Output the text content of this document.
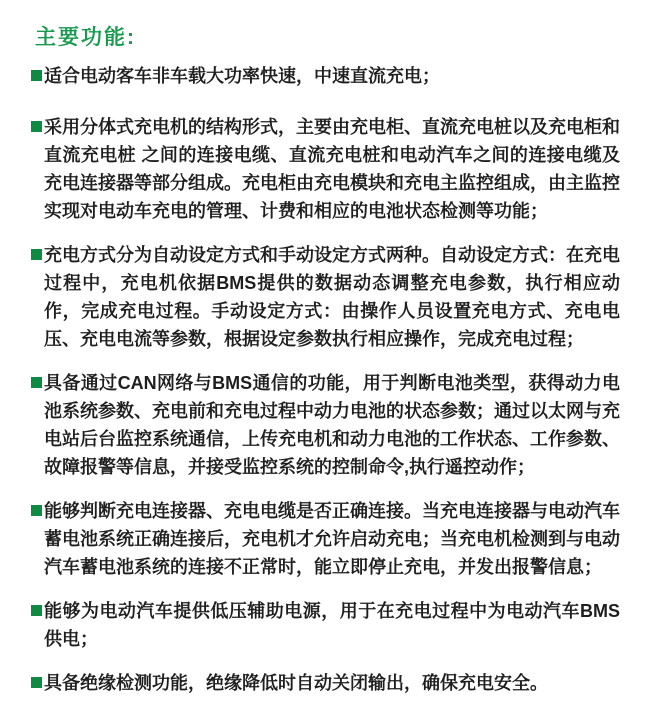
主要功能:
适合电动客车非车载大功率快速，中速直流充电；
采用分体式充电机的结构形式，主要由充电柜、直流充电桩以及充电柜和直流充电桩 之间的连接电缆、直流充电桩和电动汽车之间的连接电缆及充电连接器等部分组成。充电柜由充电模块和充电主监控组成，由主监控实现对电动车充电的管理、计费和相应的电池状态检测等功能；
充电方式分为自动设定方式和手动设定方式两种。自动设定方式：在充电过程中，充电机依据BMS提供的数据动态调整充电参数，执行相应动作，完成充电过程。手动设定方式：由操作人员设置充电方式、充电电压、充电电流等参数，根据设定参数执行相应操作，完成充电过程；
具备通过CAN网络与BMS通信的功能，用于判断电池类型，获得动力电池系统参数、充电前和充电过程中动力电池的状态参数；通过以太网与充电站后台监控系统通信，上传充电机和动力电池的工作状态、工作参数、故障报警等信息，并接受监控系统的控制命令,执行遥控动作；
能够判断充电连接器、充电电缆是否正确连接。当充电连接器与电动汽车蓄电池系统正确连接后，充电机才允许启动充电；当充电机检测到与电动汽车蓄电池系统的连接不正常时，能立即停止充电，并发出报警信息；
能够为电动汽车提供低压辅助电源，用于在充电过程中为电动汽车BMS供电；
具备绝缘检测功能，绝缘降低时自动关闭输出，确保充电安全。
